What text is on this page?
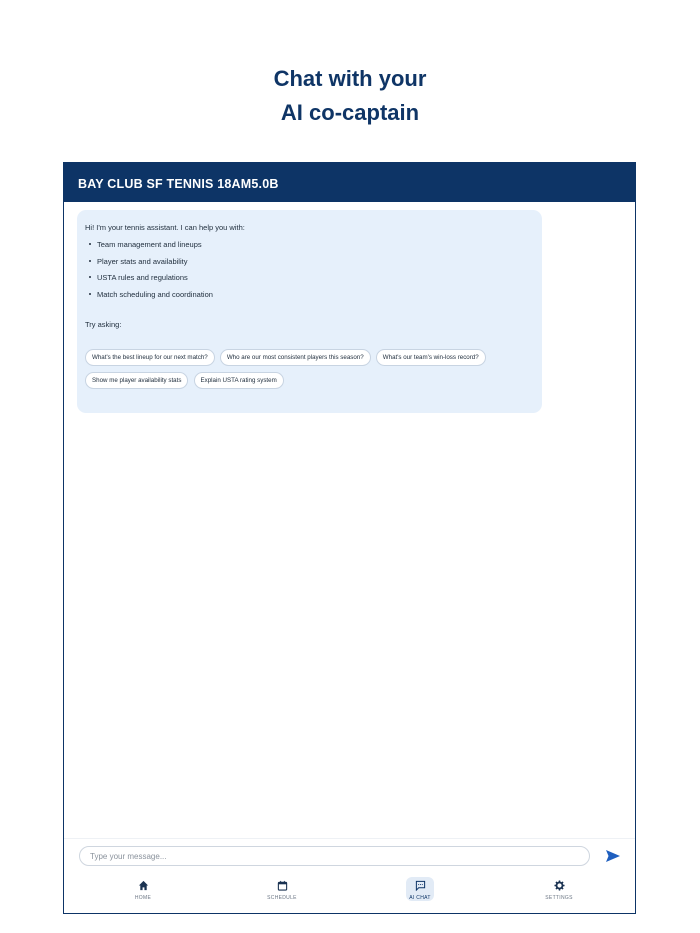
Chat with your
AI co-captain
BAY CLUB SF TENNIS 18AM5.0B

Hi! I'm your tennis assistant. I can help you with:

Team management and lineups
Player stats and availability
USTA rules and regulations
Match scheduling and coordination

Try asking:

What's the best lineup for our next match?	Who are our most consistent players this season?	What's our team's win-loss record?
Show me player availability stats	Explain USTA rating system
Type your message...
HOME	SCHEDULE	AI CHAT	SETTINGS
